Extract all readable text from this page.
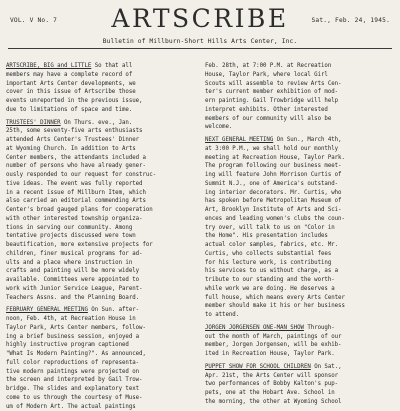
VOL. V No. 7	ARTSCRIBE	Sat., Feb. 24, 1945.
Bulletin of Millburn-Short Hills Arts Center, Inc.
ARTSCRIBE, BIG and LITTLE So that all
members may have a complete record of
important Arts Center developments, we
cover in this issue of Artscribe those
events unreported in the previous issue,
due to limitations of space and time.
TRUSTEES' DINNER On Thurs. eve., Jan.
25th, some seventy-five arts enthusiasts
attended Arts Center's Trustees' Dinner
at Wyoming Church. In addition to Arts
Center members, the attendants included a
number of persons who have already gener-
ously responded to our request for construc-
tive ideas. The event was fully reported
in a recent issue of Millburn Item, which
also carried an editorial commending Arts
Center's broad gauged plans for cooperation
with other interested township organiza-
tions in serving our community. Among
tentative projects discussed were town
beautification, more extensive projects for
children, finer musical programs for ad-
ults and a place where instruction in
crafts and painting will be more widely
available. Committees were appointed to
work with Junior Service League, Parent-
Teachers Assns. and the Planning Board.
FEBRUARY GENERAL MEETING On Sun. after-
noon, Feb. 4th, at Recreation House in
Taylor Park, Arts Center members, follow-
ing a brief business session, enjoyed a
highly instructive program captioned
"What Is Modern Painting?". As announced,
full color reproductions of representa-
tive modern paintings were projected on
the screen and interpreted by Gail Trow-
bridge. The slides and explanatory text
come to us through the courtesy of Muse-
um of Modern Art. The actual paintings
Feb. 28th, at 7:00 P.M. at Recreation
House, Taylor Park, where local Girl
Scouts will assemble to review Arts Cen-
ter's current member exhibition of mod-
ern painting. Gail Trowbridge will help
interpret exhibits. Other interested
members of our community will also be
welcome.
NEXT GENERAL MEETING On Sun., March 4th,
at 3:00 P.M., we shall hold our monthly
meeting at Recreation House, Taylor Park.
The program following our business meet-
ing will feature John Morrison Curtis of
Summit N.J., one of America's outstand-
ing interior decorators. Mr. Curtis, who
has spoken before Metropolitan Museum of
Art, Brooklyn Institute of Arts and Sci-
ences and leading women's clubs the coun-
try over, will talk to us on "Color in
the Home". His presentation includes
actual color samples, fabrics, etc. Mr.
Curtis, who collects substantial fees
for his lecture work, is contributing
his services to us without charge, as a
tribute to our standing and the worth-
while work we are doing. He deserves a
full house, which means every Arts Center
member should make it his or her business
to attend.
JORGEN JORGENSEN ONE-MAN SHOW Through-
out the month of March, paintings of our
member, Jorgen Jorgensen, will be exhib-
ited in Recreation House, Taylor Park.
PUPPET SHOW FOR SCHOOL CHILDREN On Sat.,
Apr. 21st, the Arts Center will sponsor
two performances of Bobby Kalton's pup-
pets, one at the Hobart Ave. School in
the morning, the other at Wyoming School
